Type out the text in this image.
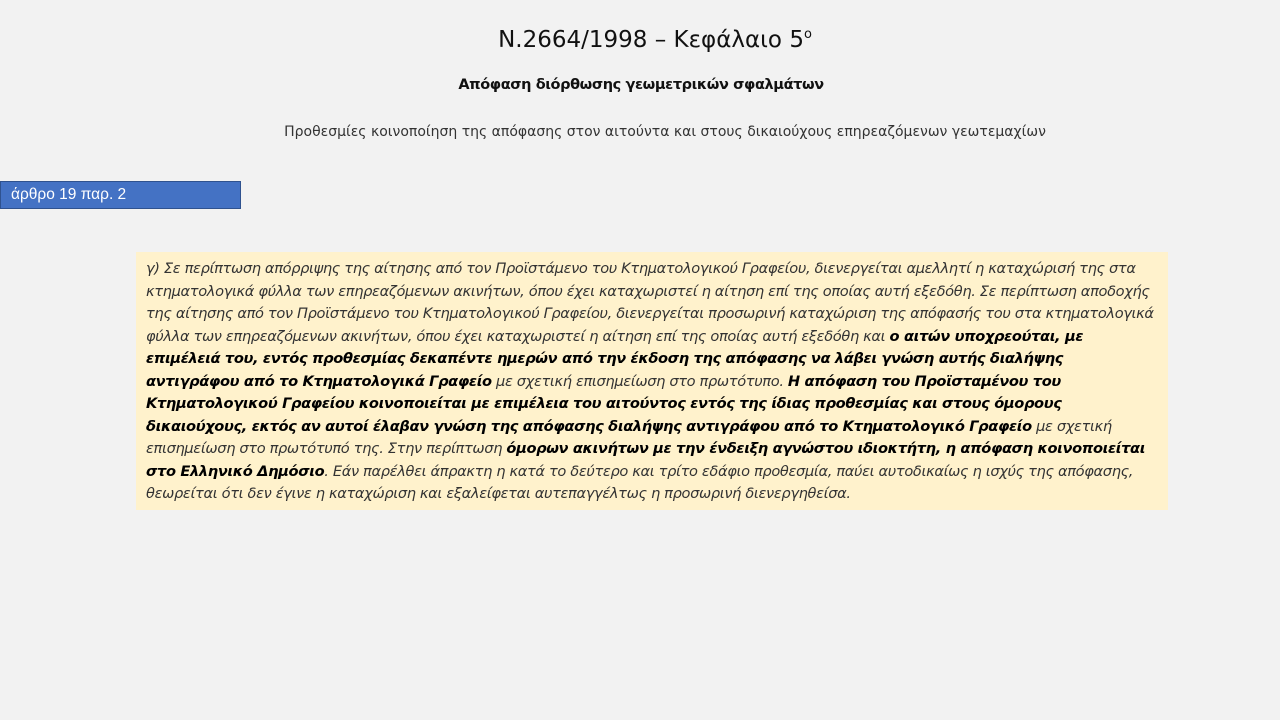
Ν.2664/1998 – Κεφάλαιο $5^o$
Απόφαση διόρθωσης γεωμετρικών σφαλμάτων
Προθεσμίες κοινοποίηση της απόφασης στον αιτούντα και στους δικαιούχους επηρεαζόμενων γεωτεμαχίων
άρθρο 19 παρ. 2

γ) Σε περίπτωση απόρριψης της αίτησης από τον Προϊστάμενο του Κτηματολογικού Γραφείου, διενεργείται αμελλητί η καταχώρισή της στα κτηματολογικά φύλλα των επηρεαζόμενων ακινήτων, όπου έχει καταχωριστεί η αίτηση επί της οποίας αυτή εξεδόθη. Σε περίπτωση αποδοχής της αίτησης από τον Προϊστάμενο του Κτηματολογικού Γραφείου, διενεργείται προσωρινή καταχώριση της απόφασής του στα κτηματολογικά φύλλα των επηρεαζόμενων ακινήτων, όπου έχει καταχωριστεί η αίτηση επί της οποίας αυτή εξεδόθη και ο αιτών υποχρεούται, με επιμέλειά του, εντός προθεσμίας δεκαπέντε ημερών από την έκδοση της απόφασης να λάβει γνώση αυτής διαλήψης αντιγράφου από το Κτηματολογικά Γραφείο με σχετική επισημείωση στο πρωτότυπο. Η απόφαση του Προϊσταμένου του Κτηματολογικού Γραφείου κοινοποιείται με επιμέλεια του αιτούντος εντός της ίδιας προθεσμίας και στους όμορους δικαιούχους, εκτός αν αυτοί έλαβαν γνώση της απόφασης διαλήψης αντιγράφου από το Κτηματολογικό Γραφείο με σχετική επισημείωση στο πρωτότυπό της. Στην περίπτωση όμορων ακινήτων με την ένδειξη αγνώστου ιδιοκτήτη, η απόφαση κοινοποιείται στο Ελληνικό Δημόσιο. Εάν παρέλθει άπρακτη η κατά το δεύτερο και τρίτο εδάφιο προθεσμία, παύει αυτοδικαίως η ισχύς της απόφασης, θεωρείται ότι δεν έγινε η καταχώριση και εξαλείφεται αυτεπαγγέλτως η προσωρινή διενεργηθείσα.
